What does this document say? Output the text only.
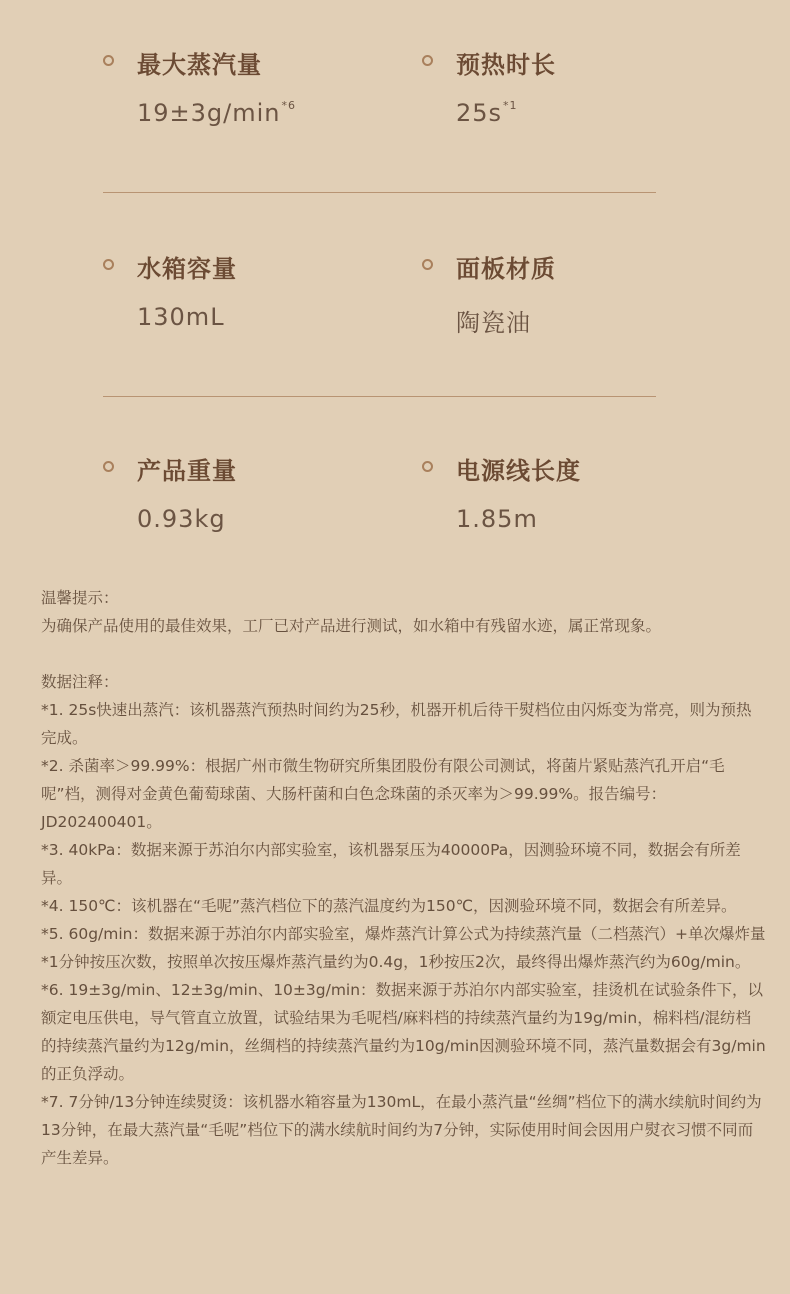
最大蒸汽量
$19\pm 3g/\min^{*6}$
预热时长
$25s^{*1}$
水箱容量
130mL
面板材质
陶瓷油
产品重量
0.93kg
电源线长度
1.85m

温馨提示：

为确保产品使用的最佳效果，工厂已对产品进行测试，如水箱中有残留水迹，属正常现象。

数据注释：

*1. 25s快速出蒸汽：该机器蒸汽预热时间约为25秒，机器开机后待干熨档位由闪烁变为常亮，则为预热完成。

*2. 杀菌率＞99.99%：根据广州市微生物研究所集团股份有限公司测试，将菌片紧贴蒸汽孔开启“毛呢”档，测得对金黄色葡萄球菌、大肠杆菌和白色念珠菌的杀灭率为＞99.99%。报告编号：JD202400401。

*3. 40kPa：数据来源于苏泊尔内部实验室，该机器泵压为40000Pa，因测验环境不同，数据会有所差异。

*4. 150℃：该机器在“毛呢”蒸汽档位下的蒸汽温度约为150℃，因测验环境不同，数据会有所差异。

*5. 60g/min：数据来源于苏泊尔内部实验室，爆炸蒸汽计算公式为持续蒸汽量（二档蒸汽）+单次爆炸量*1分钟按压次数，按照单次按压爆炸蒸汽量约为0.4g，1秒按压2次，最终得出爆炸蒸汽约为60g/min。

*6. 19±3g/min、12±3g/min、10±3g/min：数据来源于苏泊尔内部实验室，挂烫机在试验条件下，以额定电压供电，导气管直立放置，试验结果为毛呢档/麻料档的持续蒸汽量约为19g/min，棉料档/混纺档的持续蒸汽量约为12g/min，丝绸档的持续蒸汽量约为10g/min因测验环境不同，蒸汽量数据会有3g/min的正负浮动。

*7. 7分钟/13分钟连续熨烫：该机器水箱容量为130mL，在最小蒸汽量“丝绸”档位下的满水续航时间约为13分钟，在最大蒸汽量“毛呢”档位下的满水续航时间约为7分钟，实际使用时间会因用户熨衣习惯不同而产生差异。
